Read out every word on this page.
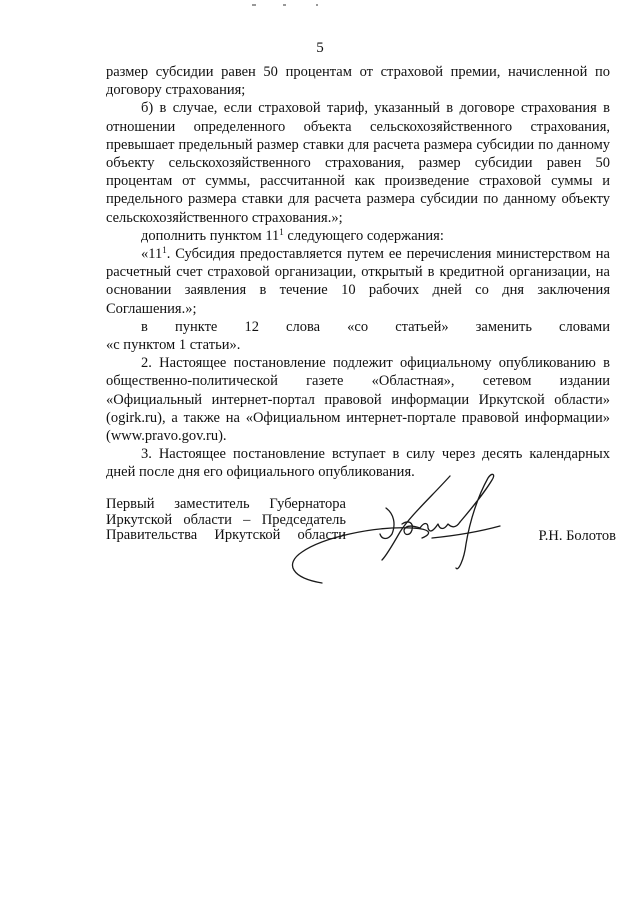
5

размер субсидии равен 50 процентам от страховой премии, начисленной по договору страхования;

б) в случае, если страховой тариф, указанный в договоре страхования в отношении определенного объекта сельскохозяйственного страхования, превышает предельный размер ставки для расчета размера субсидии по данному объекту сельскохозяйственного страхования, размер субсидии равен 50 процентам от суммы, рассчитанной как произведение страховой суммы и предельного размера ставки для расчета размера субсидии по данному объекту сельскохозяйственного страхования.»;

дополнить пунктом $11^1$ следующего содержания:

«$11^1$. Субсидия предоставляется путем ее перечисления министерством на расчетный счет страховой организации, открытый в кредитной организации, на основании заявления в течение 10 рабочих дней со дня заключения Соглашения.»;

в пункте 12 слова «со статьей» заменить словами

«с пунктом 1 статьи».

2. Настоящее постановление подлежит официальному опубликованию в общественно-политической газете «Областная», сетевом издании «Официальный интернет-портал правовой информации Иркутской области» (ogirk.ru), а также на «Официальном интернет-портале правовой информации» (www.pravo.gov.ru).

3. Настоящее постановление вступает в силу через десять календарных дней после дня его официального опубликования.

Первый заместитель Губернатора
Иркутской области – Председатель
Правительства Иркутской области	Р.Н. Болотов
